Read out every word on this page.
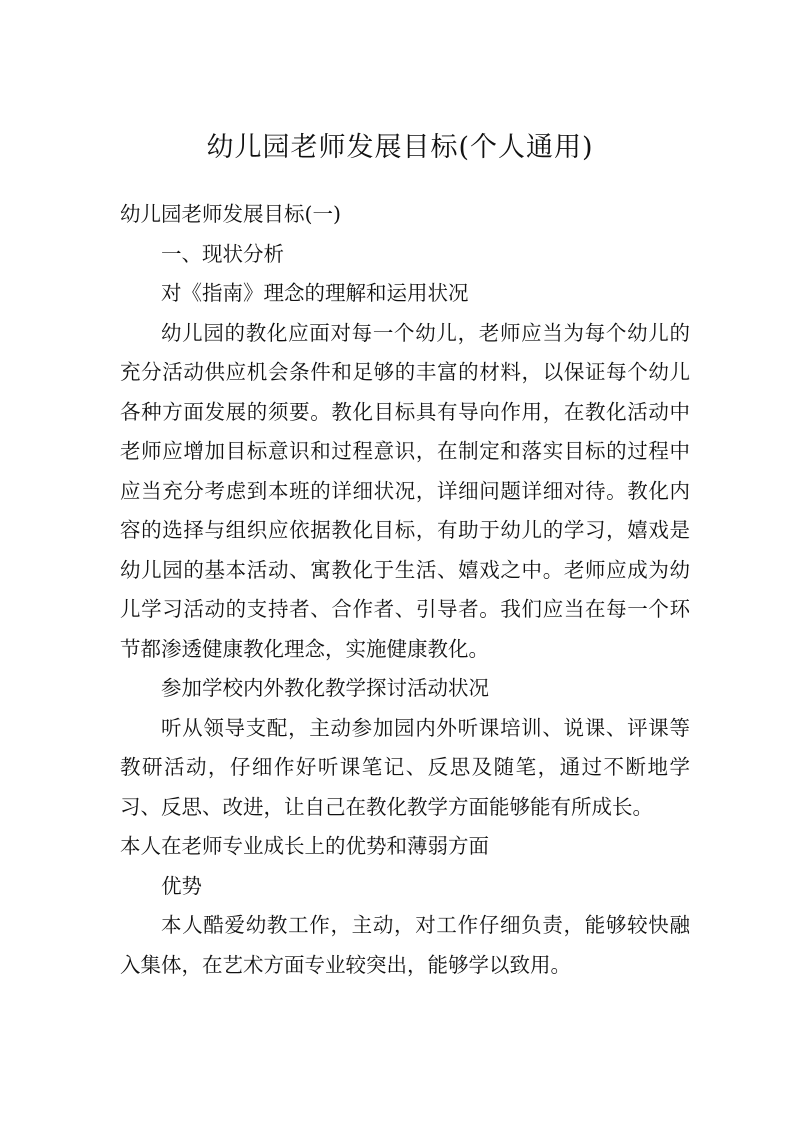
幼儿园老师发展目标(个人通用)

幼儿园老师发展目标(一)

一、现状分析

对《指南》理念的理解和运用状况

幼儿园的教化应面对每一个幼儿，老师应当为每个幼儿的充分活动供应机会条件和足够的丰富的材料，以保证每个幼儿各种方面发展的须要。教化目标具有导向作用，在教化活动中老师应增加目标意识和过程意识，在制定和落实目标的过程中应当充分考虑到本班的详细状况，详细问题详细对待。教化内容的选择与组织应依据教化目标，有助于幼儿的学习，嬉戏是幼儿园的基本活动、寓教化于生活、嬉戏之中。老师应成为幼儿学习活动的支持者、合作者、引导者。我们应当在每一个环节都渗透健康教化理念，实施健康教化。

参加学校内外教化教学探讨活动状况

听从领导支配，主动参加园内外听课培训、说课、评课等教研活动，仔细作好听课笔记、反思及随笔，通过不断地学习、反思、改进，让自己在教化教学方面能够能有所成长。

本人在老师专业成长上的优势和薄弱方面

优势

本人酷爱幼教工作，主动，对工作仔细负责，能够较快融入集体，在艺术方面专业较突出，能够学以致用。
